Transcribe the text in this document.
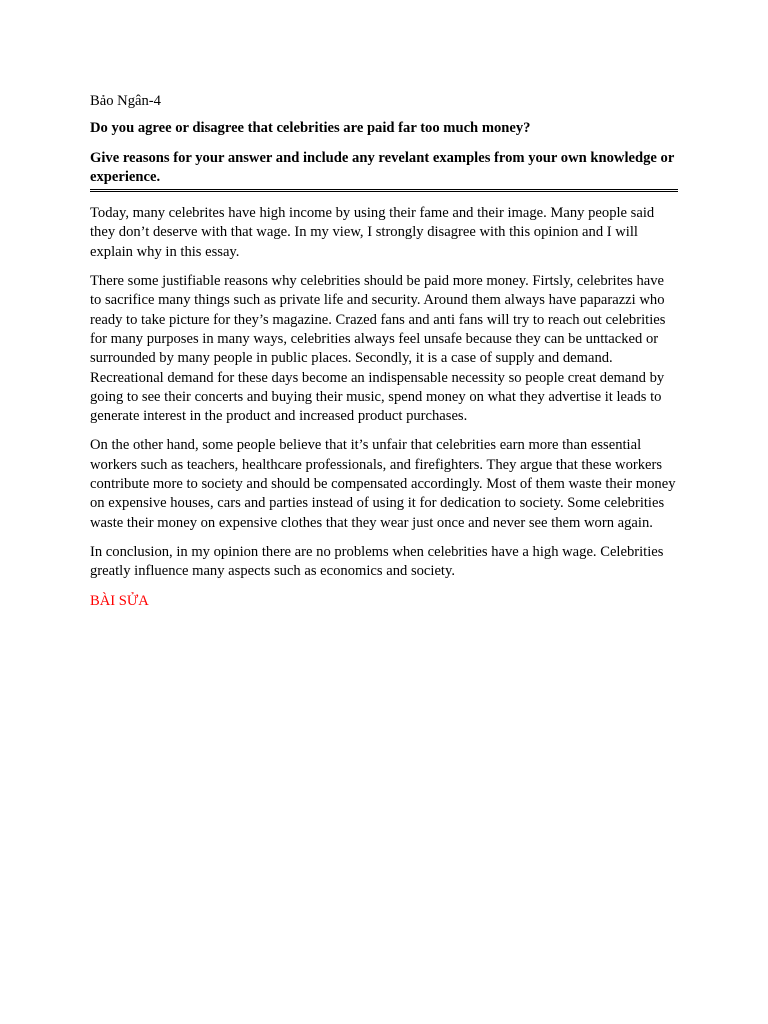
Bảo Ngân-4

Do you agree or disagree that celebrities are paid far too much money?

Give reasons for your answer and include any revelant examples from your own knowledge or experience.

Today, many celebrites have high income by using their fame and their image. Many people said they don’t deserve with that wage. In my view, I strongly disagree with this opinion and I will explain why in this essay.

There some justifiable reasons why celebrities should be paid more money. Firtsly, celebrites have to sacrifice many things such as private life and security. Around them always have paparazzi who ready to take picture for they’s magazine. Crazed fans and anti fans will try to reach out celebrities for many purposes in many ways, celebrities always feel unsafe because they can be unttacked or surrounded by many people in public places. Secondly, it is a case of supply and demand. Recreational demand for these days become an indispensable necessity so people creat demand by going to see their concerts and buying their music, spend money on what they advertise it leads to generate interest in the product and increased product purchases.

On the other hand, some people believe that it’s unfair that celebrities earn more than essential workers such as teachers, healthcare professionals, and firefighters. They argue that these workers contribute more to society and should be compensated accordingly. Most of them waste their money on expensive houses, cars and parties instead of using it for dedication to society. Some celebrities waste their money on expensive clothes that they wear just once and never see them worn again.

In conclusion, in my opinion there are no problems when celebrities have a high wage. Celebrities greatly influence many aspects such as economics and society.

BÀI SỬA
